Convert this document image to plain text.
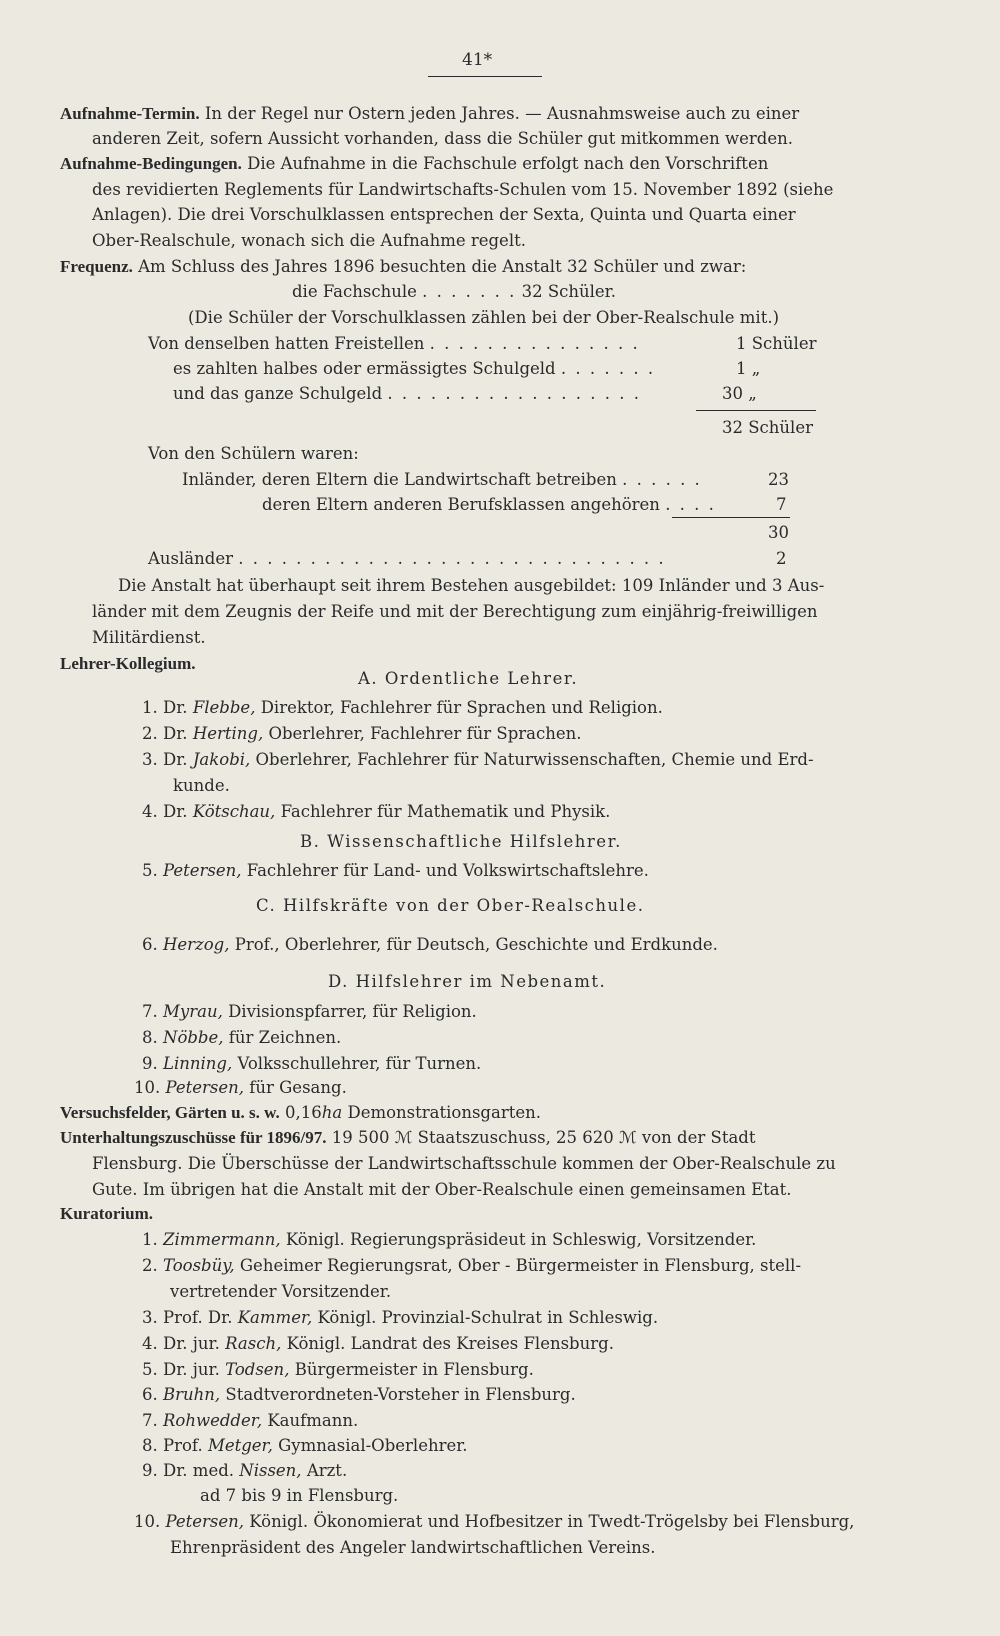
41*
Aufnahme-Termin. In der Regel nur Ostern jeden Jahres. — Ausnahmsweise auch zu einer
anderen Zeit, sofern Aussicht vorhanden, dass die Schüler gut mitkommen werden.
Aufnahme-Bedingungen. Die Aufnahme in die Fachschule erfolgt nach den Vorschriften
des revidierten Reglements für Landwirtschafts-Schulen vom 15. November 1892 (siehe
Anlagen). Die drei Vorschulklassen entsprechen der Sexta, Quinta und Quarta einer
Ober-Realschule, wonach sich die Aufnahme regelt.
Frequenz. Am Schluss des Jahres 1896 besuchten die Anstalt 32 Schüler und zwar:
die Fachschule . . . . . . . 32 Schüler.
(Die Schüler der Vorschulklassen zählen bei der Ober-Realschule mit.)
Von denselben hatten Freistellen . . . . . . . . . . . . . . .	1 Schüler
es zahlten halbes oder ermässigtes Schulgeld . . . . . . .	1 „
und das ganze Schulgeld . . . . . . . . . . . . . . . . . .	30 „
32 Schüler
Von den Schülern waren:
Inländer, deren Eltern die Landwirtschaft betreiben . . . . . .	23
deren Eltern anderen Berufsklassen angehören . . . .	7
30
Ausländer . . . . . . . . . . . . . . . . . . . . . . . . . . . . . .	2
Die Anstalt hat überhaupt seit ihrem Bestehen ausgebildet: 109 Inländer und 3 Aus-
länder mit dem Zeugnis der Reife und mit der Berechtigung zum einjährig-freiwilligen
Militärdienst.
Lehrer-Kollegium.
A. Ordentliche Lehrer.
1. Dr. Flebbe, Direktor, Fachlehrer für Sprachen und Religion.
2. Dr. Herting, Oberlehrer, Fachlehrer für Sprachen.
3. Dr. Jakobi, Oberlehrer, Fachlehrer für Naturwissenschaften, Chemie und Erd-
kunde.
4. Dr. Kötschau, Fachlehrer für Mathematik und Physik.
B. Wissenschaftliche Hilfslehrer.
5. Petersen, Fachlehrer für Land- und Volkswirtschaftslehre.
C. Hilfskräfte von der Ober-Realschule.
6. Herzog, Prof., Oberlehrer, für Deutsch, Geschichte und Erdkunde.
D. Hilfslehrer im Nebenamt.
7. Myrau, Divisionspfarrer, für Religion.
8. Nöbbe, für Zeichnen.
9. Linning, Volksschullehrer, für Turnen.
10. Petersen, für Gesang.
Versuchsfelder, Gärten u. s. w. 0,16ha Demonstrationsgarten.
Unterhaltungszuschüsse für 1896/97. 19 500 ℳ Staatszuschuss, 25 620 ℳ von der Stadt
Flensburg. Die Überschüsse der Landwirtschaftsschule kommen der Ober-Realschule zu
Gute. Im übrigen hat die Anstalt mit der Ober-Realschule einen gemeinsamen Etat.
Kuratorium.
1. Zimmermann, Königl. Regierungspräsideut in Schleswig, Vorsitzender.
2. Toosbüy, Geheimer Regierungsrat, Ober - Bürgermeister in Flensburg, stell-
vertretender Vorsitzender.
3. Prof. Dr. Kammer, Königl. Provinzial-Schulrat in Schleswig.
4. Dr. jur. Rasch, Königl. Landrat des Kreises Flensburg.
5. Dr. jur. Todsen, Bürgermeister in Flensburg.
6. Bruhn, Stadtverordneten-Vorsteher in Flensburg.
7. Rohwedder, Kaufmann.
8. Prof. Metger, Gymnasial-Oberlehrer.
9. Dr. med. Nissen, Arzt.
ad 7 bis 9 in Flensburg.
10. Petersen, Königl. Ökonomierat und Hofbesitzer in Twedt-Trögelsby bei Flensburg,
Ehrenpräsident des Angeler landwirtschaftlichen Vereins.
